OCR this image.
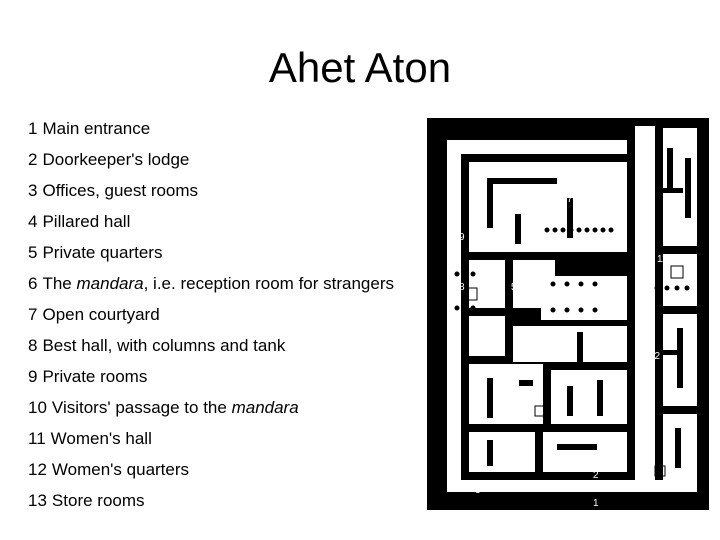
Ahet Aton
1 Main entrance
2 Doorkeeper's lodge
3 Offices, guest rooms
4 Pillared hall
5 Private quarters
6 The mandara, i.e. reception room for strangers
7 Open courtyard
8 Best hall, with columns and tank
9 Private rooms
10 Visitors' passage to the mandara
11 Women's hall
12 Women's quarters
13 Store rooms
13	13
7
6
9
11
8	5
4
5
10 12
3
3
3
2
3
1
